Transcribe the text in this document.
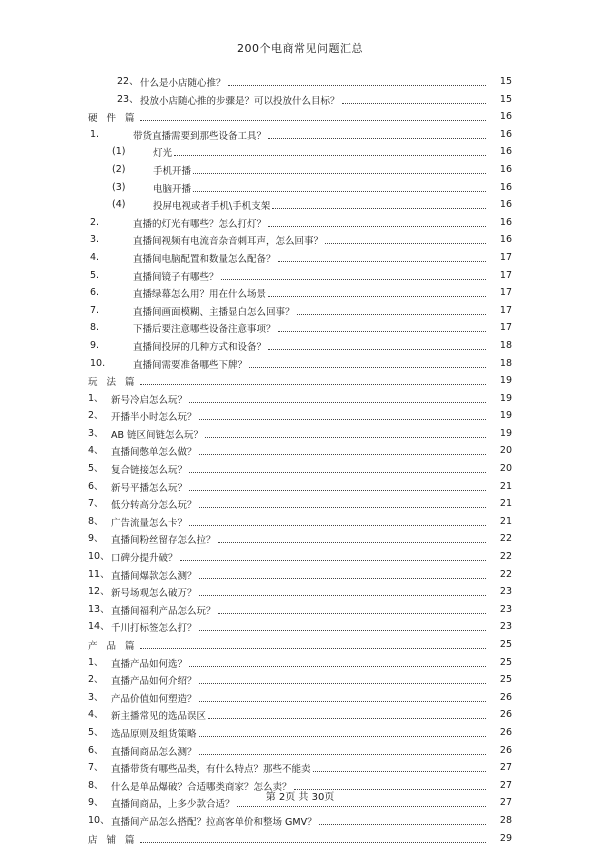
200个电商常见问题汇总
22、 什么是小店随心推？	15
23、 投放小店随心推的步骤是？可以投放什么目标？	15
硬 件 篇	16
1.	带货直播需要到那些设备工具？	16
(1)	灯光	16
(2)	手机开播	16
(3)	电脑开播	16
(4)	投屏电视或者手机\手机支架	16
2.	直播的灯光有哪些？怎么打灯？	16
3.	直播间视频有电流音杂音刺耳声，怎么回事？	16
4.	直播间电脑配置和数量怎么配备？	17
5.	直播间镜子有哪些？	17
6.	直播绿幕怎么用？用在什么场景	17
7.	直播间画面模糊、主播显白怎么回事？	17
8.	下播后要注意哪些设备注意事项？	17
9.	直播间投屏的几种方式和设备？	18
10.	直播间需要准备哪些下牌？	18
玩 法 篇	19
1、 新号冷启怎么玩？	19
2、 开播半小时怎么玩？	19
3、 AB 链区间链怎么玩？	19
4、 直播间憋单怎么做？	20
5、 复合链接怎么玩？	20
6、 新号平播怎么玩？	21
7、 低分转高分怎么玩？	21
8、 广告流量怎么卡？	21
9、 直播间粉丝留存怎么拉？	22
10、 口碑分提升破？	22
11、 直播间爆款怎么测？	22
12、 新号场观怎么破万？	23
13、 直播间福利产品怎么玩？	23
14、 千川打标签怎么打？	23
产 品 篇	25
1、 直播产品如何选？	25
2、 直播产品如何介绍？	25
3、 产品价值如何塑造？	26
4、 新主播常见的选品误区	26
5、 选品原则及组货策略	26
6、 直播间商品怎么测？	26
7、 直播带货有哪些品类，有什么特点？那些不能卖	27
8、 什么是单品爆破？合适哪类商家？怎么卖？	27
9、 直播间商品，上多少款合适？	27
10、 直播间产品怎么搭配？拉高客单价和整场 GMV？	28
店 铺 篇	29
第 2页 共 30页
